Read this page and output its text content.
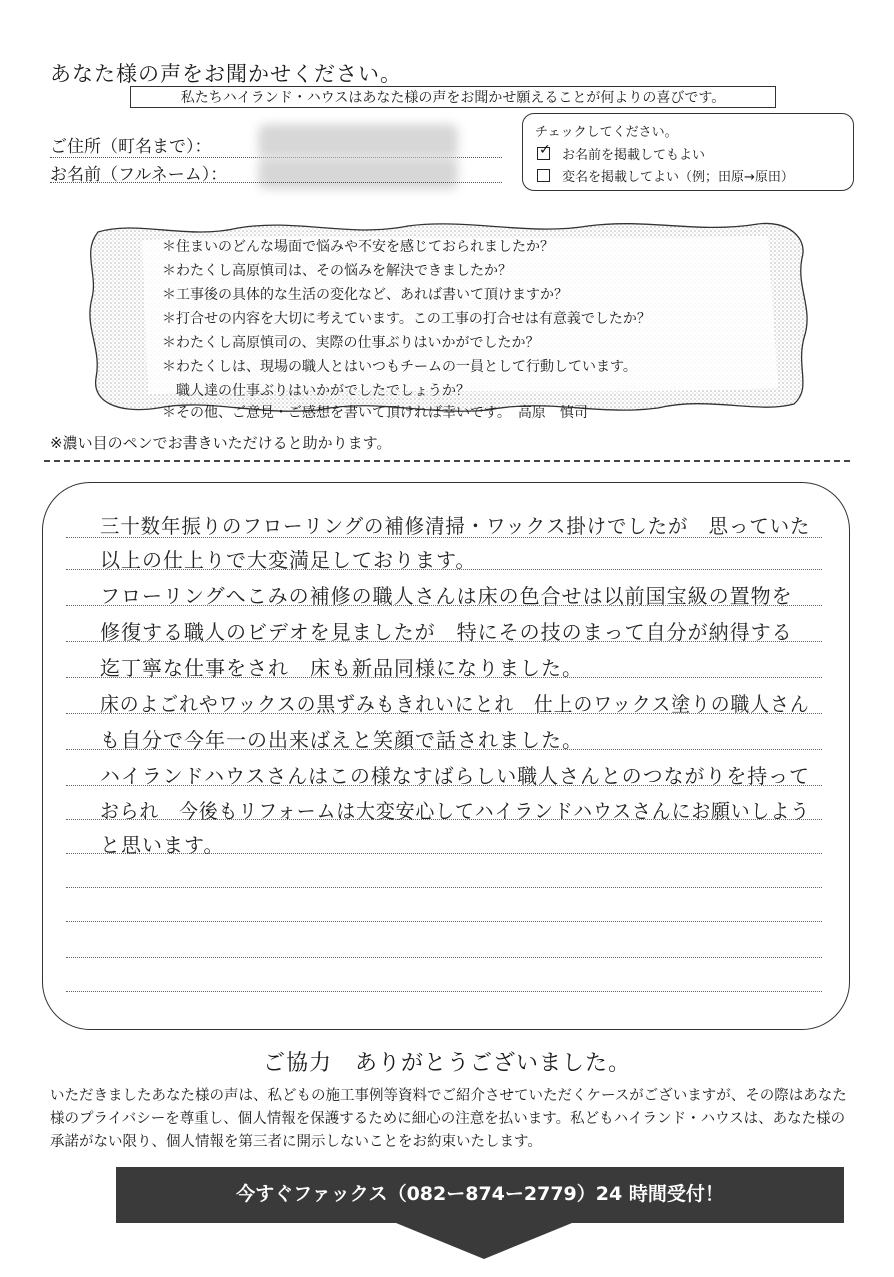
あなた様の声をお聞かせください。
私たちハイランド・ハウスはあなた様の声をお聞かせ願えることが何よりの喜びです。
ご住所（町名まで）：
お名前（フルネーム）：
チェックしてください。
✓
お名前を掲載してもよい
変名を掲載してよい（例；田原→原田）
＊住まいのどんな場面で悩みや不安を感じておられましたか？
＊わたくし高原慎司は、その悩みを解決できましたか？
＊工事後の具体的な生活の変化など、あれば書いて頂けますか？
＊打合せの内容を大切に考えています。この工事の打合せは有意義でしたか？
＊わたくし高原慎司の、実際の仕事ぶりはいかがでしたか？
＊わたくしは、現場の職人とはいつもチームの一員として行動しています。
　職人達の仕事ぶりはいかがでしたでしょうか？
＊その他、ご意見・ご感想を書いて頂ければ幸いです。　高原　慎司
※濃い目のペンでお書きいただけると助かります。
三十数年振りのフローリングの補修清掃・ワックス掛けでしたが　思っていた
以上の仕上りで大変満足しております。
フローリングへこみの補修の職人さんは床の色合せは以前国宝級の置物を
修復する職人のビデオを見ましたが　特にその技のまって自分が納得する
迄丁寧な仕事をされ　床も新品同様になりました。
床のよごれやワックスの黒ずみもきれいにとれ　仕上のワックス塗りの職人さん
も自分で今年一の出来ばえと笑顔で話されました。
ハイランドハウスさんはこの様なすばらしい職人さんとのつながりを持って
おられ　今後もリフォームは大変安心してハイランドハウスさんにお願いしよう
と思います。
ご協力　ありがとうございました。
いただきましたあなた様の声は、私どもの施工事例等資料でご紹介させていただくケースがございますが、その際はあなた様のプライバシーを尊重し、個人情報を保護するために細心の注意を払います。私どもハイランド・ハウスは、あなた様の承諾がない限り、個人情報を第三者に開示しないことをお約束いたします。
今すぐファックス（082ー874ー2779）24 時間受付！
